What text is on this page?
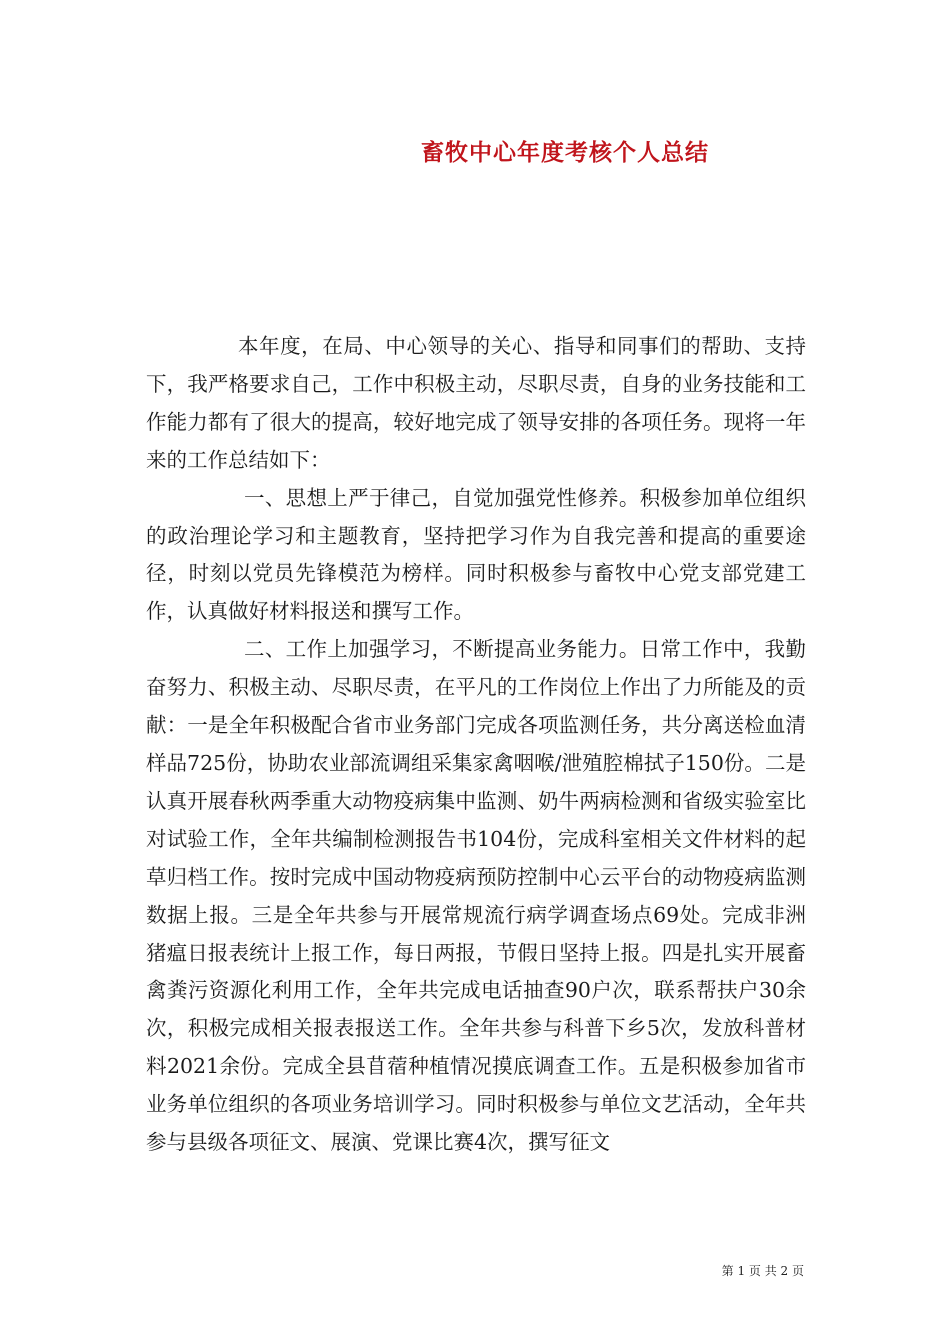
畜牧中心年度考核个人总结

本年度，在局、中心领导的关心、指导和同事们的帮助、支持下，我严格要求自己，工作中积极主动，尽职尽责，自身的业务技能和工作能力都有了很大的提高，较好地完成了领导安排的各项任务。现将一年来的工作总结如下：

一、思想上严于律己，自觉加强党性修养。积极参加单位组织的政治理论学习和主题教育，坚持把学习作为自我完善和提高的重要途径，时刻以党员先锋模范为榜样。同时积极参与畜牧中心党支部党建工作，认真做好材料报送和撰写工作。

二、工作上加强学习，不断提高业务能力。日常工作中，我勤奋努力、积极主动、尽职尽责，在平凡的工作岗位上作出了力所能及的贡献：一是全年积极配合省市业务部门完成各项监测任务，共分离送检血清样品725份，协助农业部流调组采集家禽咽喉/泄殖腔棉拭子150份。二是认真开展春秋两季重大动物疫病集中监测、奶牛两病检测和省级实验室比对试验工作，全年共编制检测报告书104份，完成科室相关文件材料的起草归档工作。按时完成中国动物疫病预防控制中心云平台的动物疫病监测数据上报。三是全年共参与开展常规流行病学调查场点69处。完成非洲猪瘟日报表统计上报工作，每日两报，节假日坚持上报。四是扎实开展畜禽粪污资源化利用工作，全年共完成电话抽查90户次，联系帮扶户30余次，积极完成相关报表报送工作。全年共参与科普下乡5次，发放科普材料2021余份。完成全县苜蓿种植情况摸底调查工作。五是积极参加省市业务单位组织的各项业务培训学习。同时积极参与单位文艺活动，全年共参与县级各项征文、展演、党课比赛4次，撰写征文

第 1 页 共 2 页
